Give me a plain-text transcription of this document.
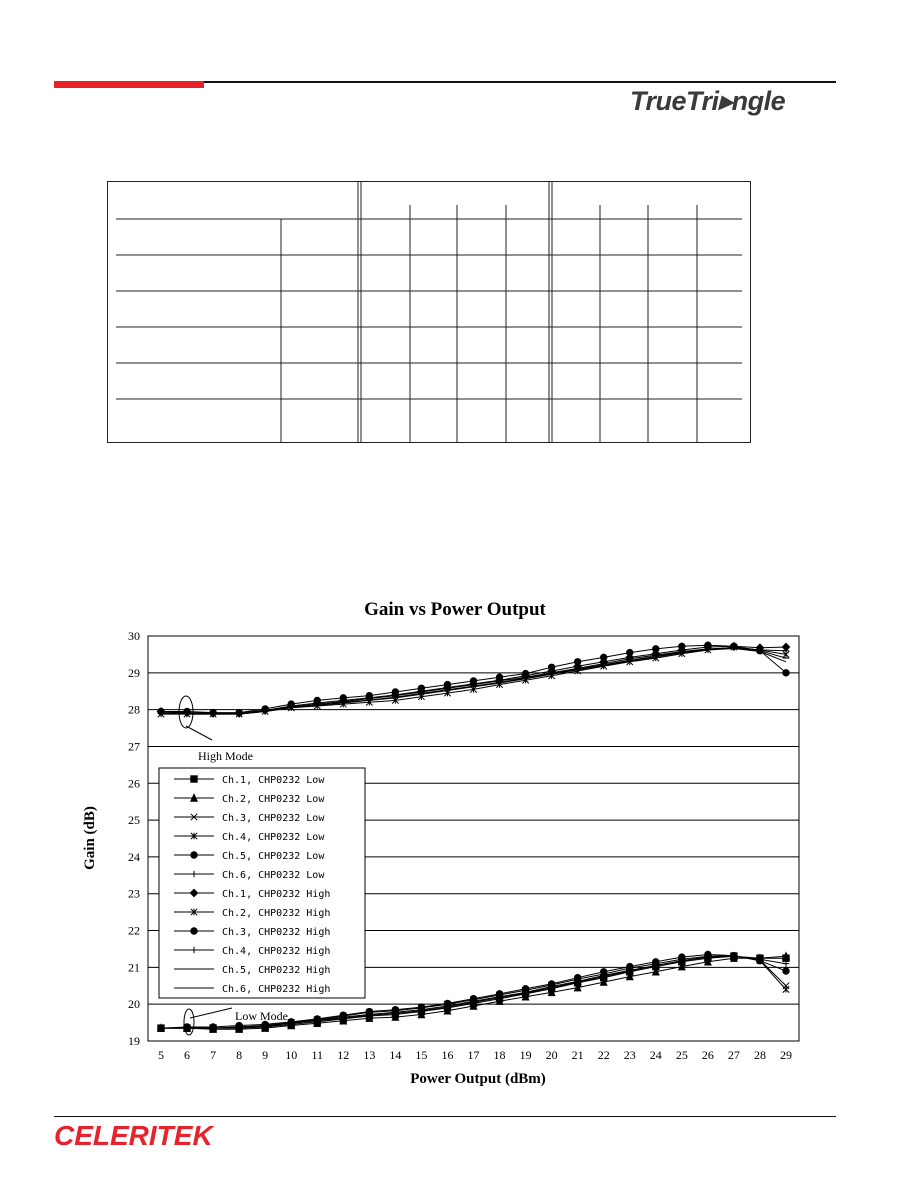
TrueTri▸ngle
Gain vs Power Output
19
20
21
22
23
24
25
26
27
28
29
30
5 6 7 8 9 10 11 12 13 14 15 16 17 18 19 20 21 22 23 24 25 26 27 28 29
High Mode
Low Mode
Ch.1, CHP0232 Low
Ch.2, CHP0232 Low
Ch.3, CHP0232 Low
Ch.4, CHP0232 Low
Ch.5, CHP0232 Low
Ch.6, CHP0232 Low
Ch.1, CHP0232 High
Ch.2, CHP0232 High
Ch.3, CHP0232 High
Ch.4, CHP0232 High
Ch.5, CHP0232 High
Ch.6, CHP0232 High
Gain (dB)
Power Output (dBm)
CELERITEK
